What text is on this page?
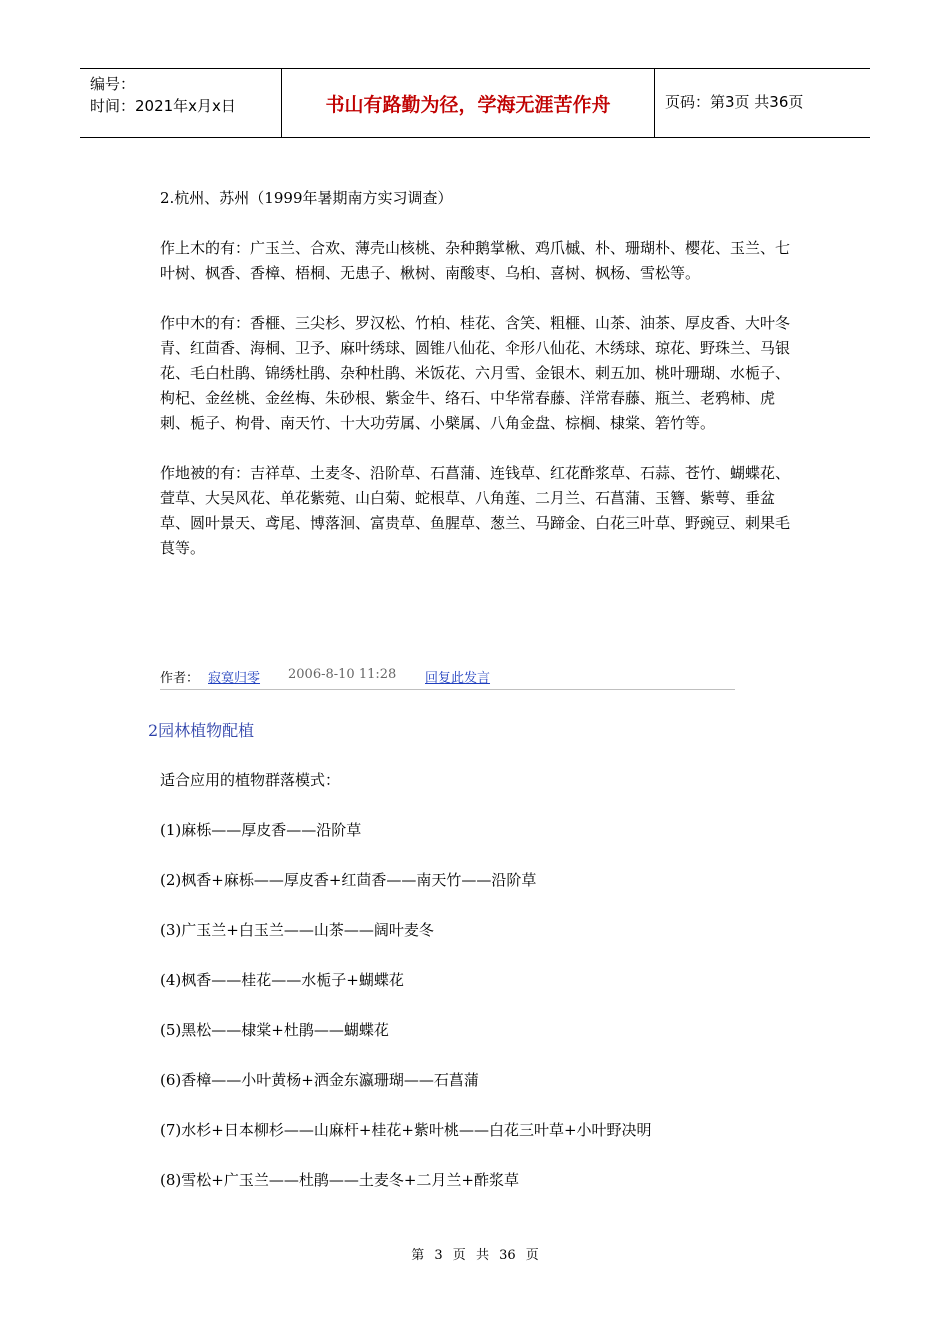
编号：
时间：2021年x月x日	书山有路勤为径，学海无涯苦作舟	页码：第3页 共36页

2.杭州、苏州（1999年暑期南方实习调查）

作上木的有：广玉兰、合欢、薄壳山核桃、杂种鹅掌楸、鸡爪槭、朴、珊瑚朴、樱花、玉兰、七叶树、枫香、香樟、梧桐、无患子、楸树、南酸枣、乌桕、喜树、枫杨、雪松等。

作中木的有：香榧、三尖杉、罗汉松、竹柏、桂花、含笑、粗榧、山茶、油茶、厚皮香、大叶冬青、红茴香、海桐、卫予、麻叶绣球、圆锥八仙花、伞形八仙花、木绣球、琼花、野珠兰、马银花、毛白杜鹃、锦绣杜鹃、杂种杜鹃、米饭花、六月雪、金银木、刺五加、桃叶珊瑚、水栀子、枸杞、金丝桃、金丝梅、朱砂根、紫金牛、络石、中华常春藤、洋常春藤、瓶兰、老鸦柿、虎刺、栀子、枸骨、南天竹、十大功劳属、小檗属、八角金盘、棕榈、棣棠、箬竹等。

作地被的有：吉祥草、土麦冬、沿阶草、石菖蒲、连钱草、红花酢浆草、石蒜、苍竹、蝴蝶花、萱草、大吴风花、单花紫菀、山白菊、蛇根草、八角莲、二月兰、石菖蒲、玉簪、紫萼、垂盆草、圆叶景天、鸢尾、博落洄、富贵草、鱼腥草、葱兰、马蹄金、白花三叶草、野豌豆、刺果毛茛等。

作者： 寂寞归零 2006-8-10 11:28 回复此发言
2园林植物配植
适合应用的植物群落模式：
(1)麻栎——厚皮香——沿阶草
(2)枫香+麻栎——厚皮香+红茴香——南天竹——沿阶草
(3)广玉兰+白玉兰——山茶——阔叶麦冬
(4)枫香——桂花——水栀子+蝴蝶花
(5)黑松——棣棠+杜鹃——蝴蝶花
(6)香樟——小叶黄杨+洒金东瀛珊瑚——石菖蒲
(7)水杉+日本柳杉——山麻杆+桂花+紫叶桃——白花三叶草+小叶野决明
(8)雪松+广玉兰——杜鹃——土麦冬+二月兰+酢浆草
第 3 页 共 36 页
